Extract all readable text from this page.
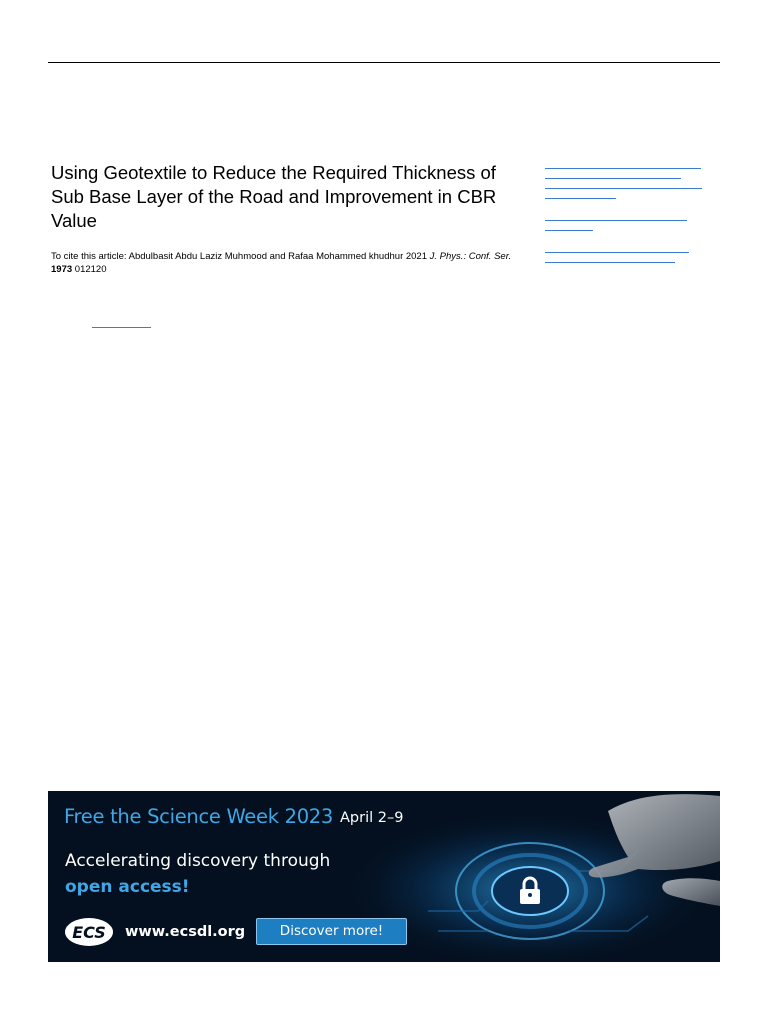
Using Geotextile to Reduce the Required Thickness of Sub Base Layer of the Road and Improvement in CBR Value
To cite this article: Abdulbasit Abdu Laziz Muhmood and Rafaa Mohammed khudhur 2021 J. Phys.: Conf. Ser. 1973 012120
Free the Science Week 2023 April 2–9
Accelerating discovery through
open access!
ECS www.ecsdl.org	Discover more!
